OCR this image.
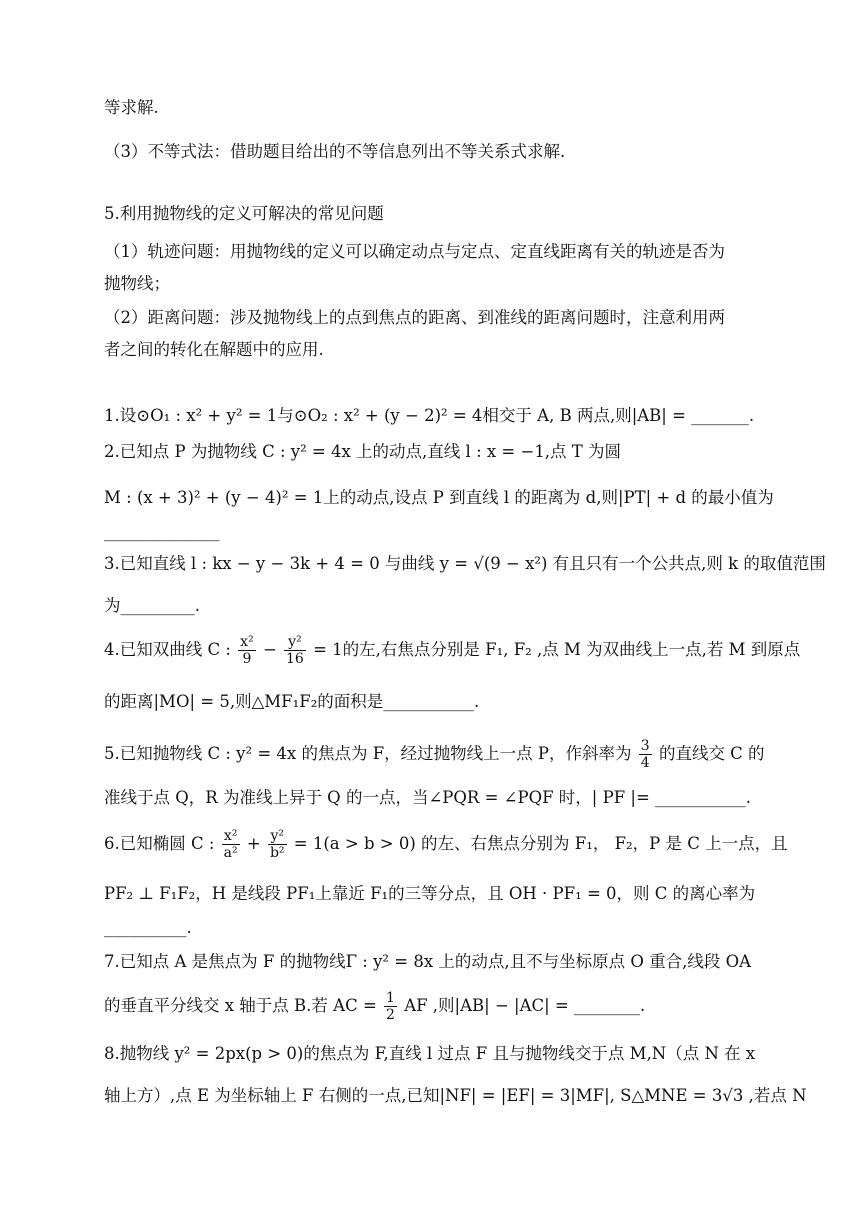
等求解.
（3）不等式法：借助题目给出的不等信息列出不等关系式求解.
5.利用抛物线的定义可解决的常见问题
（1）轨迹问题：用抛物线的定义可以确定动点与定点、定直线距离有关的轨迹是否为
抛物线；
（2）距离问题：涉及抛物线上的点到焦点的距离、到准线的距离问题时，注意利用两
者之间的转化在解题中的应用.
1.设⊙O₁ : x² + y² = 1与⊙O₂ : x² + (y − 2)² = 4相交于 A, B 两点,则|AB| = _______.
2.已知点 P 为抛物线 C : y² = 4x 上的动点,直线 l : x = −1,点 T 为圆
M : (x + 3)² + (y − 4)² = 1上的动点,设点 P 到直线 l 的距离为 d,则|PT| + d 的最小值为
______________
3.已知直线 l : kx − y − 3k + 4 = 0 与曲线 y = √(9 − x²) 有且只有一个公共点,则 k 的取值范围
为_________.
4.已知双曲线 C : $\frac{\text{x²}}{9} - \frac{\text{y²}}{16} = 1$的左,右焦点分别是 F₁, F₂ ,点 M 为双曲线上一点,若 M 到原点
的距离|MO| = 5,则△MF₁F₂的面积是___________.
5.已知抛物线 C : y² = 4x 的焦点为 F，经过抛物线上一点 P，作斜率为 $\frac{3}{4}$ 的直线交 C 的
准线于点 Q，R 为准线上异于 Q 的一点，当∠PQR = ∠PQF 时，| PF |= ___________.
6.已知椭圆 C : $\frac{\text{x²}}{\text{a²}} + \frac{\text{y²}}{\text{b²}} = 1(a > b > 0)$ 的左、右焦点分别为 F₁， F₂，P 是 C 上一点，且
PF₂ ⊥ F₁F₂，H 是线段 PF₁上靠近 F₁的三等分点，且 OH · PF₁ = 0，则 C 的离心率为
__________.
7.已知点 A 是焦点为 F 的抛物线Γ : y² = 8x 上的动点,且不与坐标原点 O 重合,线段 OA
的垂直平分线交 x 轴于点 B.若 AC = $\frac{1}{2}$ AF ,则|AB| − |AC| = ________.
8.抛物线 y² = 2px(p > 0)的焦点为 F,直线 l 过点 F 且与抛物线交于点 M,N（点 N 在 x
轴上方）,点 E 为坐标轴上 F 右侧的一点,已知|NF| = |EF| = 3|MF|, S△MNE = 3√3 ,若点 N
